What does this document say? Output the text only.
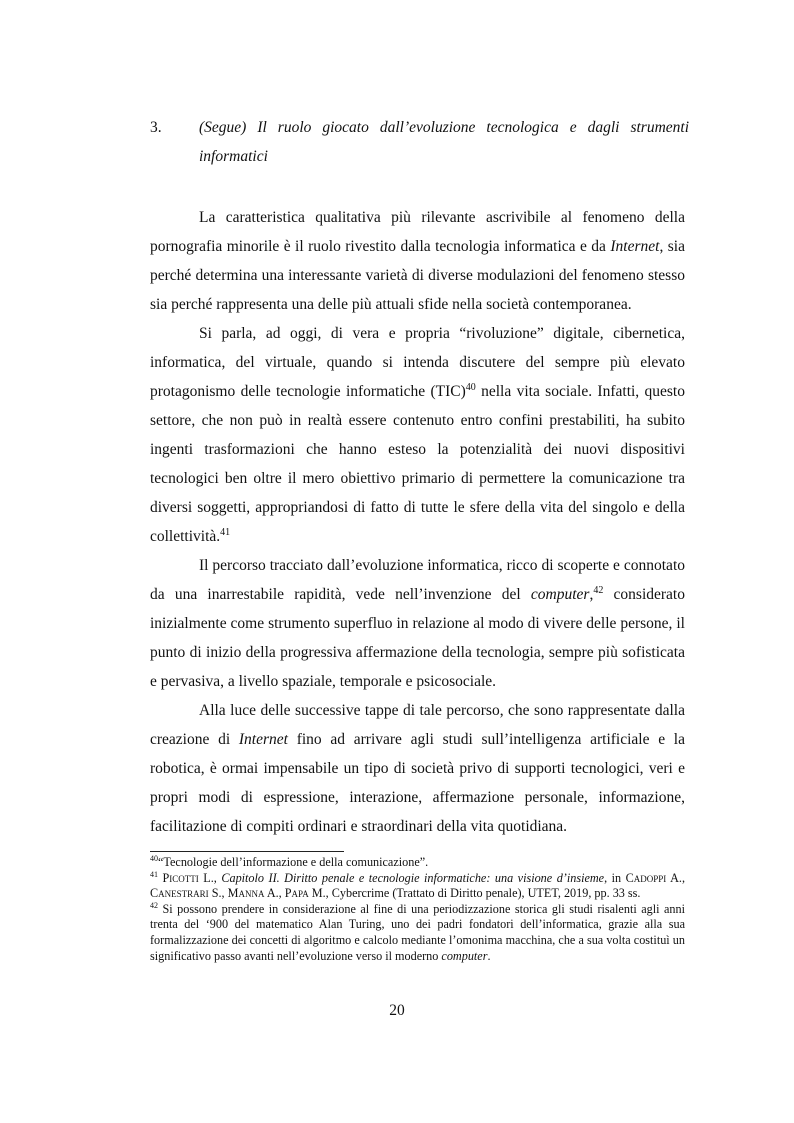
3. (Segue) Il ruolo giocato dall’evoluzione tecnologica e dagli strumenti
informatici

La caratteristica qualitativa più rilevante ascrivibile al fenomeno della pornografia minorile è il ruolo rivestito dalla tecnologia informatica e da Internet, sia perché determina una interessante varietà di diverse modulazioni del fenomeno stesso sia perché rappresenta una delle più attuali sfide nella società contemporanea.

Si parla, ad oggi, di vera e propria “rivoluzione” digitale, cibernetica, informatica, del virtuale, quando si intenda discutere del sempre più elevato protagonismo delle tecnologie informatiche (TIC)$^{40}$ nella vita sociale. Infatti, questo settore, che non può in realtà essere contenuto entro confini prestabiliti, ha subito ingenti trasformazioni che hanno esteso la potenzialità dei nuovi dispositivi tecnologici ben oltre il mero obiettivo primario di permettere la comunicazione tra diversi soggetti, appropriandosi di fatto di tutte le sfere della vita del singolo e della collettività.$^{41}$

Il percorso tracciato dall’evoluzione informatica, ricco di scoperte e connotato da una inarrestabile rapidità, vede nell’invenzione del computer,$^{42}$ considerato inizialmente come strumento superfluo in relazione al modo di vivere delle persone, il punto di inizio della progressiva affermazione della tecnologia, sempre più sofisticata e pervasiva, a livello spaziale, temporale e psicosociale.

Alla luce delle successive tappe di tale percorso, che sono rappresentate dalla creazione di Internet fino ad arrivare agli studi sull’intelligenza artificiale e la robotica, è ormai impensabile un tipo di società privo di supporti tecnologici, veri e propri modi di espressione, interazione, affermazione personale, informazione, facilitazione di compiti ordinari e straordinari della vita quotidiana.

$^{40}$“Tecnologie dell’informazione e della comunicazione”.

$^{41}$ Picotti L., Capitolo II. Diritto penale e tecnologie informatiche: una visione d’insieme, in Cadoppi A., Canestrari S., Manna A., Papa M., Cybercrime (Trattato di Diritto penale), UTET, 2019, pp. 33 ss.

$^{42}$ Si possono prendere in considerazione al fine di una periodizzazione storica gli studi risalenti agli anni trenta del ‘900 del matematico Alan Turing, uno dei padri fondatori dell’informatica, grazie alla sua formalizzazione dei concetti di algoritmo e calcolo mediante l’omonima macchina, che a sua volta costituì un significativo passo avanti nell’evoluzione verso il moderno computer.

20
